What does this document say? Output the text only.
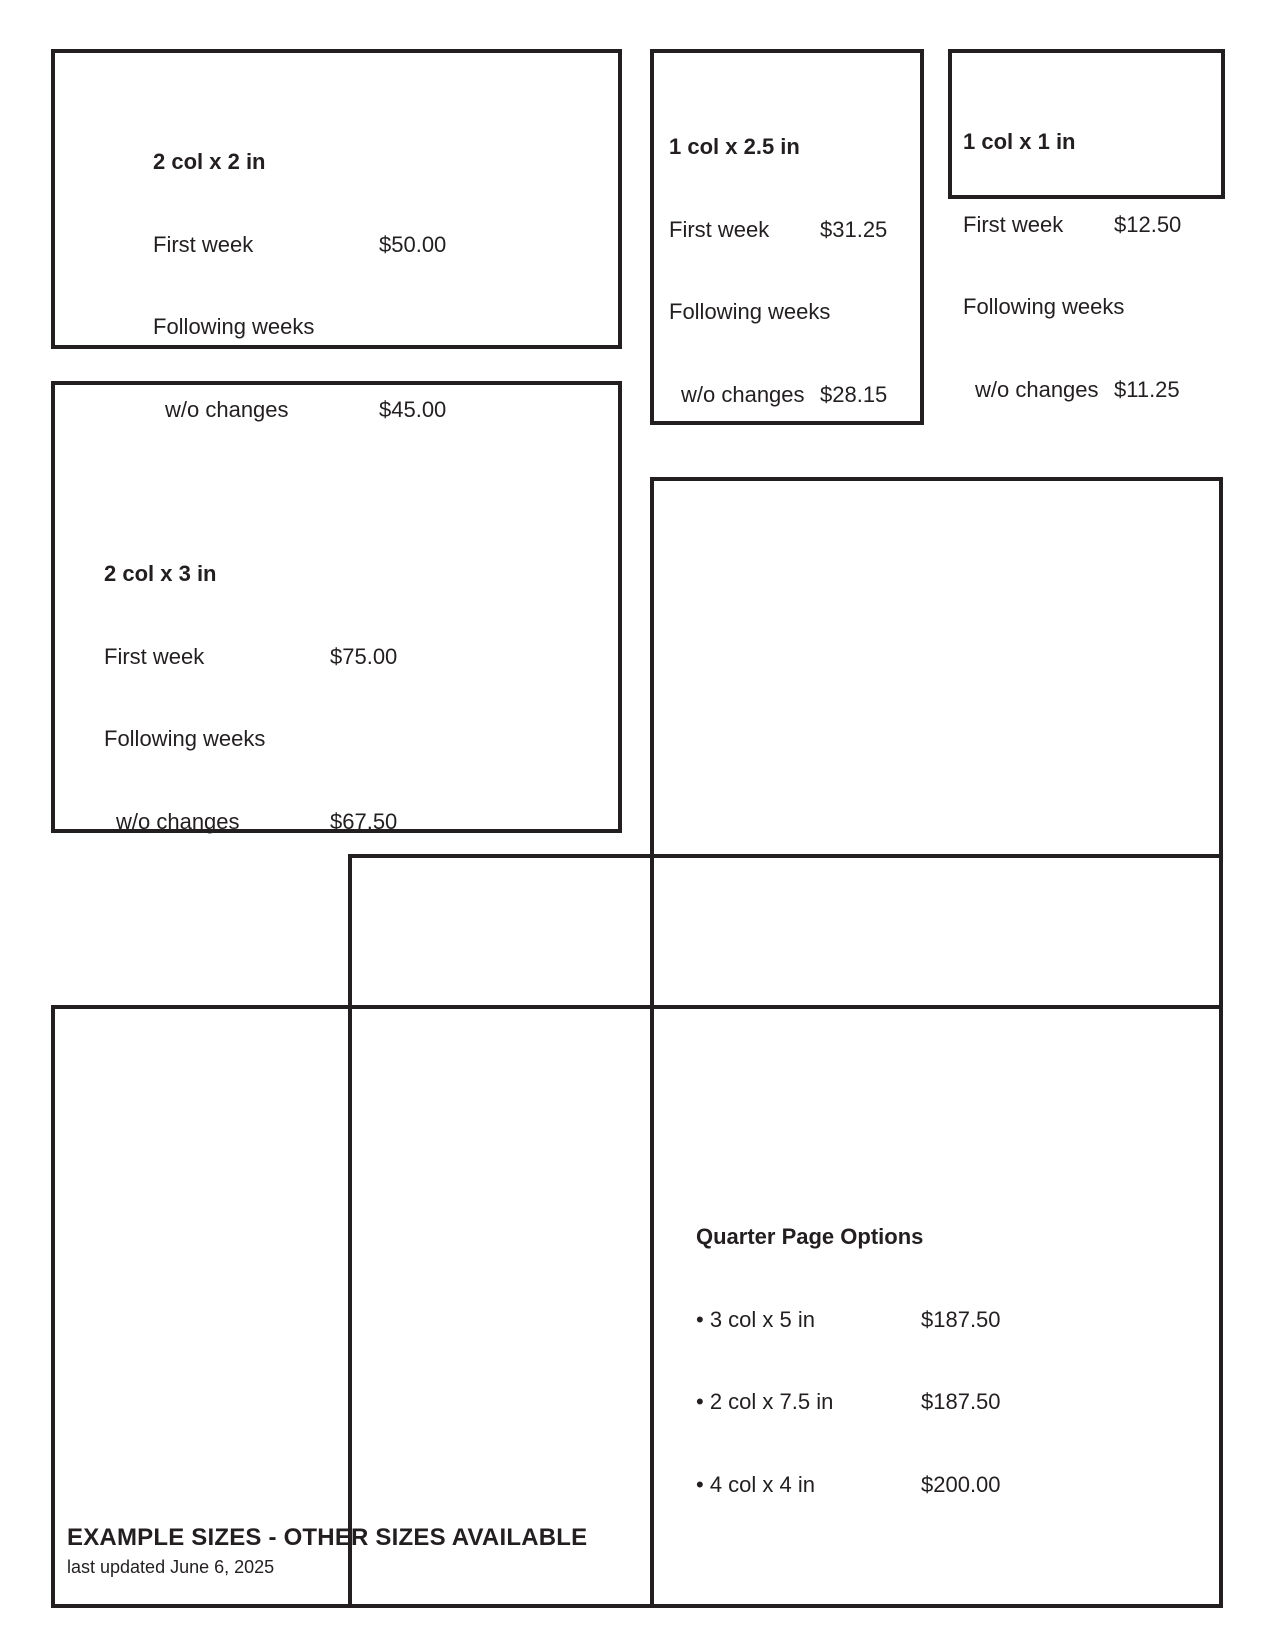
2 col x 2 in

First week	$50.00

Following weeks

w/o changes	$45.00

1 col x 2.5 in

First week	$31.25

Following weeks

w/o changes $28.15

1 col x 1 in

First week	$12.50

Following weeks

w/o changes $11.25

2 col x 3 in

First week	$75.00

Following weeks

w/o changes	$67.50

Quarter Page Options

• 3 col x 5 in	$187.50

• 2 col x 7.5 in	$187.50

• 4 col x 4 in	$200.00

EXAMPLE SIZES - OTHER SIZES AVAILABLE
last updated June 6, 2025
